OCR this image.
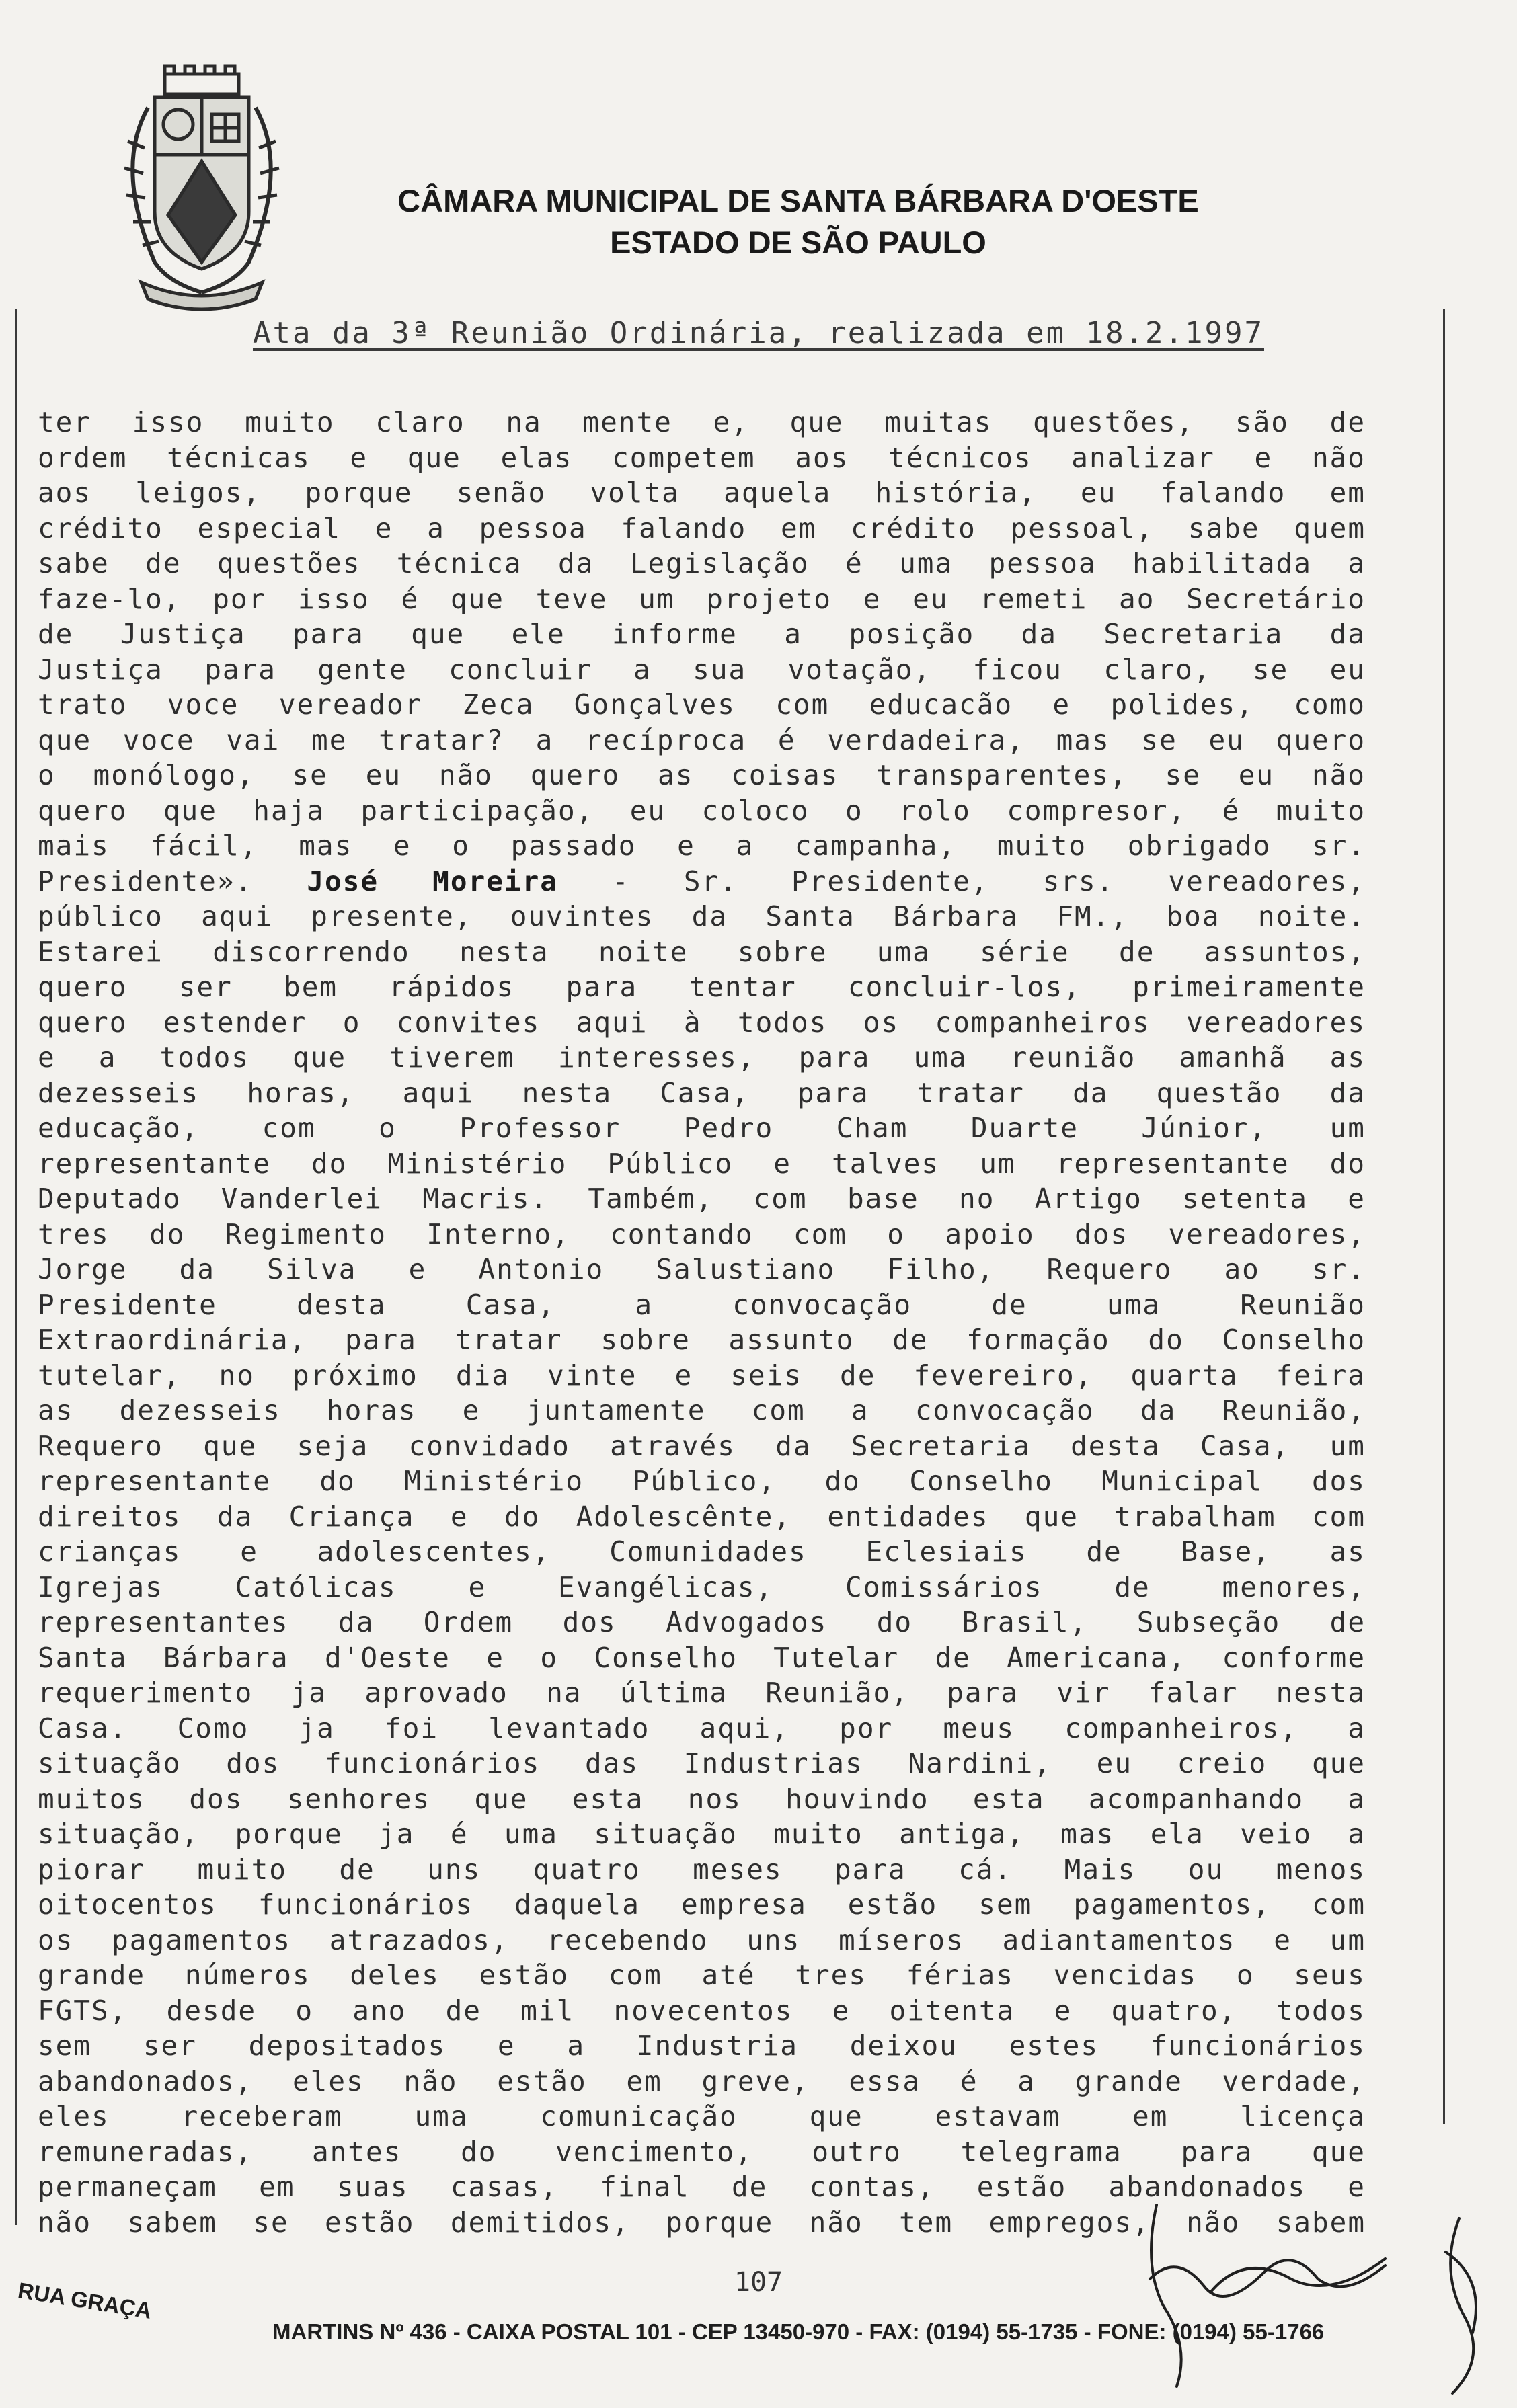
CÂMARA MUNICIPAL DE SANTA BÁRBARA D'OESTE
ESTADO DE SÃO PAULO
Ata da 3ª Reunião Ordinária, realizada em 18.2.1997
ter isso muito claro na mente e, que muitas questões, são de
ordem técnicas e que elas competem aos técnicos analizar e não
aos leigos, porque senão volta aquela história, eu falando em
crédito especial e a pessoa falando em crédito pessoal, sabe quem
sabe de questões técnica da Legislação é uma pessoa habilitada a
faze-lo, por isso é que teve um projeto e eu remeti ao Secretário
de Justiça para que ele informe a posição da Secretaria da
Justiça para gente concluir a sua votação, ficou claro, se eu
trato voce vereador Zeca Gonçalves com educacão e polides, como
que voce vai me tratar? a recíproca é verdadeira, mas se eu quero
o monólogo, se eu não quero as coisas transparentes, se eu não
quero que haja participação, eu coloco o rolo compresor, é muito
mais fácil, mas e o passado e a campanha, muito obrigado sr.
Presidente». José Moreira - Sr. Presidente, srs. vereadores,
público aqui presente, ouvintes da Santa Bárbara FM., boa noite.
Estarei discorrendo nesta noite sobre uma série de assuntos,
quero ser bem rápidos para tentar concluir-los, primeiramente
quero estender o convites aqui à todos os companheiros vereadores
e a todos que tiverem interesses, para uma reunião amanhã as
dezesseis horas, aqui nesta Casa, para tratar da questão da
educação, com o Professor Pedro Cham Duarte Júnior, um
representante do Ministério Público e talves um representante do
Deputado Vanderlei Macris. Também, com base no Artigo setenta e
tres do Regimento Interno, contando com o apoio dos vereadores,
Jorge da Silva e Antonio Salustiano Filho, Requero ao sr.
Presidente desta Casa, a convocação de uma Reunião
Extraordinária, para tratar sobre assunto de formação do Conselho
tutelar, no próximo dia vinte e seis de fevereiro, quarta feira
as dezesseis horas e juntamente com a convocação da Reunião,
Requero que seja convidado através da Secretaria desta Casa, um
representante do Ministério Público, do Conselho Municipal dos
direitos da Criança e do Adolescênte, entidades que trabalham com
crianças e adolescentes, Comunidades Eclesiais de Base, as
Igrejas Católicas e Evangélicas, Comissários de menores,
representantes da Ordem dos Advogados do Brasil, Subseção de
Santa Bárbara d'Oeste e o Conselho Tutelar de Americana, conforme
requerimento ja aprovado na última Reunião, para vir falar nesta
Casa. Como ja foi levantado aqui, por meus companheiros, a
situação dos funcionários das Industrias Nardini, eu creio que
muitos dos senhores que esta nos houvindo esta acompanhando a
situação, porque ja é uma situação muito antiga, mas ela veio a
piorar muito de uns quatro meses para cá. Mais ou menos
oitocentos funcionários daquela empresa estão sem pagamentos, com
os pagamentos atrazados, recebendo uns míseros adiantamentos e um
grande números deles estão com até tres férias vencidas o seus
FGTS, desde o ano de mil novecentos e oitenta e quatro, todos
sem ser depositados e a Industria deixou estes funcionários
abandonados, eles não estão em greve, essa é a grande verdade,
eles receberam uma comunicação que estavam em licença
remuneradas, antes do vencimento, outro telegrama para que
permaneçam em suas casas, final de contas, estão abandonados e
não sabem se estão demitidos, porque não tem empregos, não sabem
107
RUA GRAÇA
MARTINS Nº 436 - CAIXA POSTAL 101 - CEP 13450-970 - FAX: (0194) 55-1735 - FONE: (0194) 55-1766
